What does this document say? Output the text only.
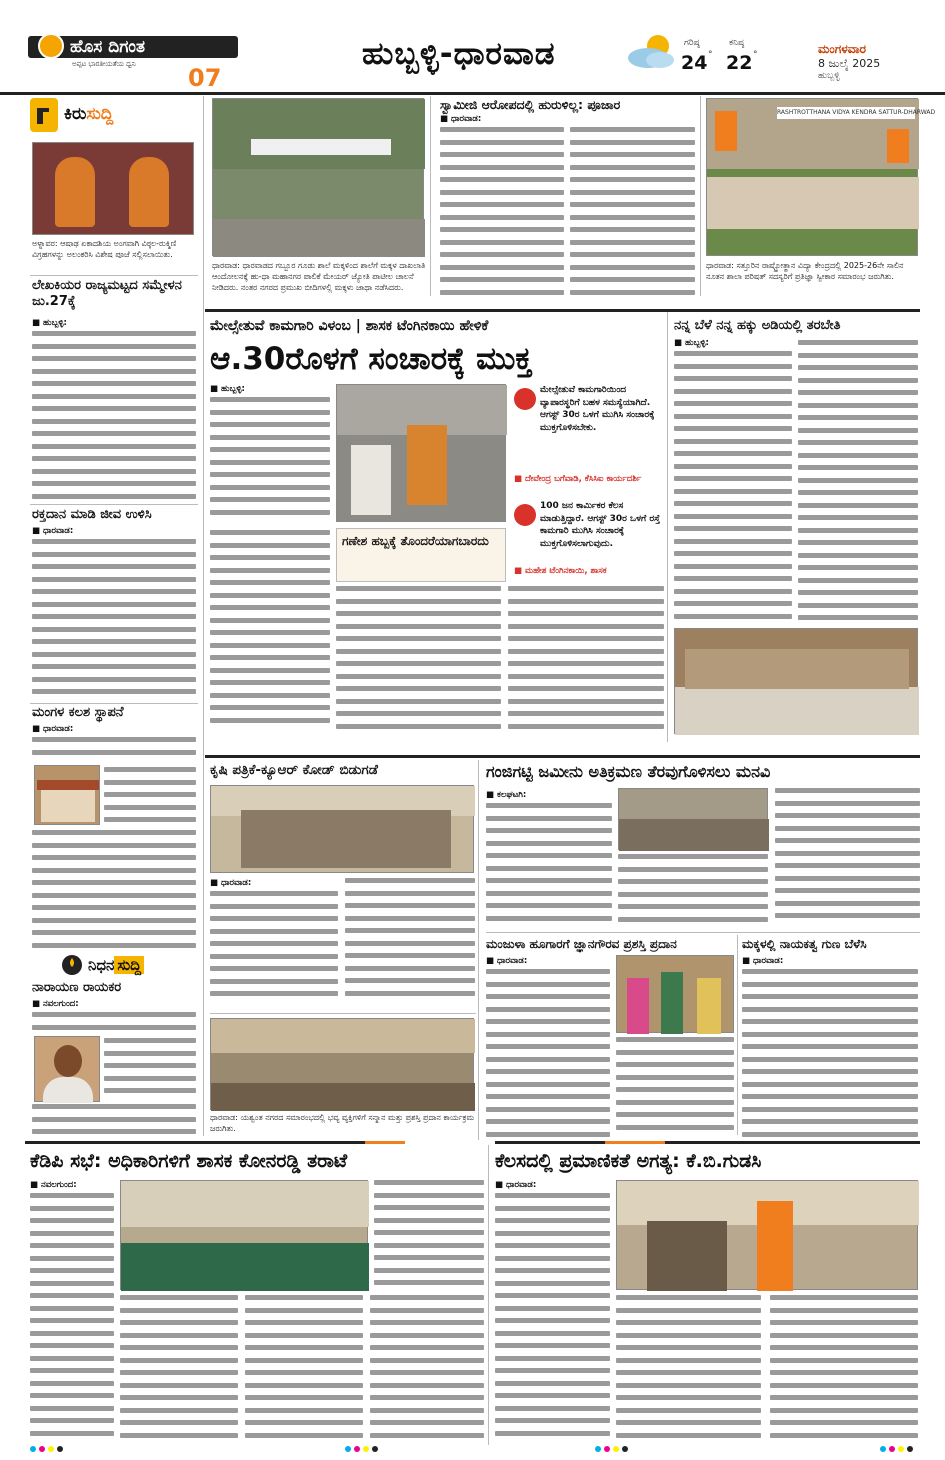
ಹೊಸ ದಿಗಂತ
ಅಪ್ಪಟ ಭಾರತೀಯತೆಯ ಧ್ವನಿ 07
ಹುಬ್ಬಳ್ಳಿ-ಧಾರವಾಡ	ಗರಿಷ್ಠ
24 °
ಕನಿಷ್ಠ
22 °	ಮಂಗಳವಾರ
8 ಜುಲೈ 2025
ಹುಬ್ಬಳ್ಳಿ
ಕಿರುಸುದ್ದಿ
ಅಳ್ನಾವರ: ಆಷಾಢ ಏಕಾದಶಿಯ ಅಂಗವಾಗಿ ವಿಠ್ಠಲ-ರುಕ್ಮಿಣಿ ವಿಗ್ರಹಗಳನ್ನು ಅಲಂಕರಿಸಿ ವಿಶೇಷ ಪೂಜೆ ಸಲ್ಲಿಸಲಾಯಿತು.
ಲೇಖಕಿಯರ ರಾಜ್ಯಮಟ್ಟದ ಸಮ್ಮೇಳನ ಜು.27ಕ್ಕೆ
■ ಹುಬ್ಬಳ್ಳಿ:
ರಕ್ತದಾನ ಮಾಡಿ ಜೀವ ಉಳಿಸಿ
■ ಧಾರವಾಡ:
ಮಂಗಳ ಕಲಶ ಸ್ಥಾಪನೆ
■ ಧಾರವಾಡ:
ನಿಧನ ಸುದ್ದಿ
ನಾರಾಯಣ ರಾಯಕರ
■ ನವಲಗುಂದ:
ಧಾರವಾಡ: ಧಾರವಾಡದ ಗಬ್ಬೂರ ಗೂಡು ಶಾಲೆ ಮಕ್ಕಳಿಂದ ಶಾಲೆಗೆ ಮಕ್ಕಳ ದಾಖಲಾತಿ ಆಂದೋಲನಕ್ಕೆ ಹು-ಧಾ ಮಹಾನಗರ ಪಾಲಿಕೆ ಮೇಯರ್ ಜ್ಯೋತಿ ಪಾಟೀಲ ಚಾಲನೆ ನೀಡಿದರು. ನಂತರ ನಗರದ ಪ್ರಮುಖ ಬೀದಿಗಳಲ್ಲಿ ಮಕ್ಕಳು ಜಾಥಾ ನಡೆಸಿದರು.
ಸ್ವಾಮೀಜಿ ಆರೋಪದಲ್ಲಿ ಹುರುಳಿಲ್ಲ: ಪೂಜಾರ
■ ಧಾರವಾಡ:
RASHTROTTHANA VIDYA KENDRA SATTUR-DHARWAD
ಧಾರವಾಡ: ಸತ್ತೂರಿನ ರಾಷ್ಟ್ರೋತ್ಥಾನ ವಿದ್ಯಾ ಕೇಂದ್ರದಲ್ಲಿ 2025-26ನೇ ಸಾಲಿನ ನೂತನ ಶಾಲಾ ಪರಿಷತ್ ಸದಸ್ಯರಿಗೆ ಪ್ರತಿಜ್ಞಾ ಸ್ವೀಕಾರ ಸಮಾರಂಭ ಜರುಗಿತು.
ಮೇಲ್ಸೇತುವೆ ಕಾಮಗಾರಿ ವಿಳಂಬ | ಶಾಸಕ ಟೆಂಗಿನಕಾಯಿ ಹೇಳಿಕೆ
ಆ.30ರೊಳಗೆ ಸಂಚಾರಕ್ಕೆ ಮುಕ್ತ
■ ಹುಬ್ಬಳ್ಳಿ:	ಮೇಲ್ಸೇತುವೆ ಕಾಮಗಾರಿಯಿಂದ ವ್ಯಾಪಾರಸ್ಥರಿಗೆ ಬಹಳ ಸಮಸ್ಯೆಯಾಗಿದೆ. ಆಗಸ್ಟ್ 30ರ ಒಳಗೆ ಮುಗಿಸಿ ಸಂಚಾರಕ್ಕೆ ಮುಕ್ತಗೊಳಿಸಬೇಕು.
■ ದೇವೇಂದ್ರ ಬಗೆವಾಡಿ, ಕೆಸಿಸಿಐ ಕಾರ್ಯದರ್ಶಿ
100 ಜನ ಕಾರ್ಮಿಕರ ಕೆಲಸ ಮಾಡುತ್ತಿದ್ದಾರೆ. ಆಗಸ್ಟ್ 30ರ ಒಳಗೆ ರಸ್ತೆ ಕಾಮಗಾರಿ ಮುಗಿಸಿ ಸಂಚಾರಕ್ಕೆ ಮುಕ್ತಗೊಳಿಸಲಾಗುವುದು.
■ ಮಹೇಶ ಟೆಂಗಿನಕಾಯಿ, ಶಾಸಕ
ಗಣೇಶ ಹಬ್ಬಕ್ಕೆ ತೊಂದರೆಯಾಗಬಾರದು
ನನ್ನ ಬೆಳೆ ನನ್ನ ಹಕ್ಕು ಅಡಿಯಲ್ಲಿ ತರಬೇತಿ
■ ಹುಬ್ಬಳ್ಳಿ:
ಕೃಷಿ ಪತ್ರಿಕೆ-ಕ್ಯೂಆರ್ ಕೋಡ್ ಬಿಡುಗಡೆ
■ ಧಾರವಾಡ:
ಧಾರವಾಡ: ಯಶ್ವಂತ ನಗರದ ಸಮಾರಂಭದಲ್ಲಿ ಭವ್ಯ ವ್ಯಕ್ತಿಗಳಿಗೆ ಸನ್ಮಾನ ಮತ್ತು ಪ್ರಶಸ್ತಿ ಪ್ರದಾನ ಕಾರ್ಯಕ್ರಮ ಜರುಗಿತು.
ಗಂಜಿಗಟ್ಟಿ ಜಮೀನು ಅತಿಕ್ರಮಣ ತೆರವುಗೊಳಿಸಲು ಮನವಿ
■ ಕಲಘಟಗಿ:
ಮಂಜುಳಾ ಹೂಗಾರಗೆ ಜ್ಞಾನಗೌರವ ಪ್ರಶಸ್ತಿ ಪ್ರದಾನ
■ ಧಾರವಾಡ:
ಮಕ್ಕಳಲ್ಲಿ ನಾಯಕತ್ವ ಗುಣ ಬೆಳೆಸಿ
■ ಧಾರವಾಡ:
ಕೆಡಿಪಿ ಸಭೆ: ಅಧಿಕಾರಿಗಳಿಗೆ ಶಾಸಕ ಕೋನರಡ್ಡಿ ತರಾಟೆ
■ ನವಲಗುಂದ:
ಕೆಲಸದಲ್ಲಿ ಪ್ರಮಾಣಿಕತೆ ಅಗತ್ಯ: ಕೆ.ಬಿ.ಗುಡಸಿ
■ ಧಾರವಾಡ:
